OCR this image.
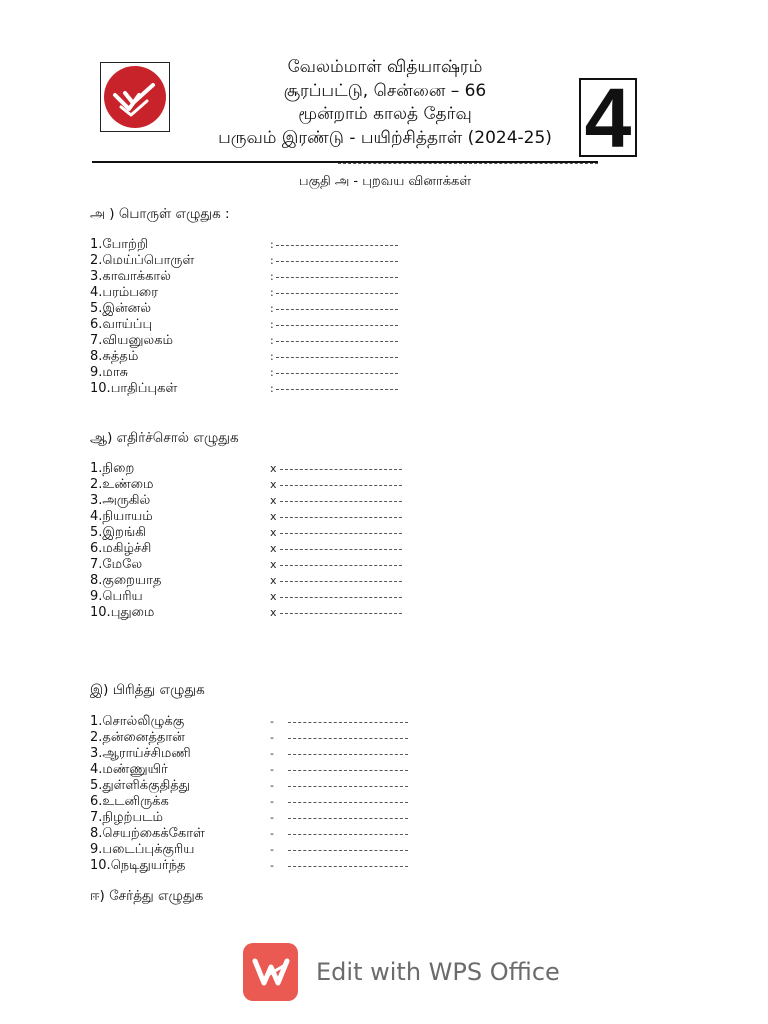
வேலம்மாள் வித்யாஷ்ரம்
சூரப்பட்டு, சென்னை – 66
மூன்றாம் காலத் தேர்வு
பருவம் இரண்டு - பயிற்சித்தாள் (2024-25) 4
பகுதி அ - புறவய வினாக்கள்
அ ) பொருள் எழுதுக :
1.போற்றி	:
2.மெய்ப்பொருள்	:
3.காவாக்கால்	:
4.பரம்பரை	:
5.இன்னல்	:
6.வாய்ப்பு	:
7.வியனுலகம்	:
8.சுத்தம்	:
9.மாசு	:
10.பாதிப்புகள்	:
ஆ) எதிர்ச்சொல் எழுதுக
1.நிறை	x
2.உண்மை	x
3.அருகில்	x
4.நியாயம்	x
5.இறங்கி	x
6.மகிழ்ச்சி	x
7.மேலே	x
8.குறையாத	x
9.பெரிய	x
10.புதுமை	x
இ) பிரித்து எழுதுக
1.சொல்லிழுக்கு	-
2.தன்னைத்தான்	-
3.ஆராய்ச்சிமணி	-
4.மண்ணுயிர்	-
5.துள்ளிக்குதித்து	-
6.உடனிருக்க	-
7.நிழற்படம்	-
8.செயற்கைக்கோள்	-
9.படைப்புக்குரிய	-
10.நெடிதுயர்ந்த	-
ஈ) சேர்த்து எழுதுக
Edit with WPS Office
